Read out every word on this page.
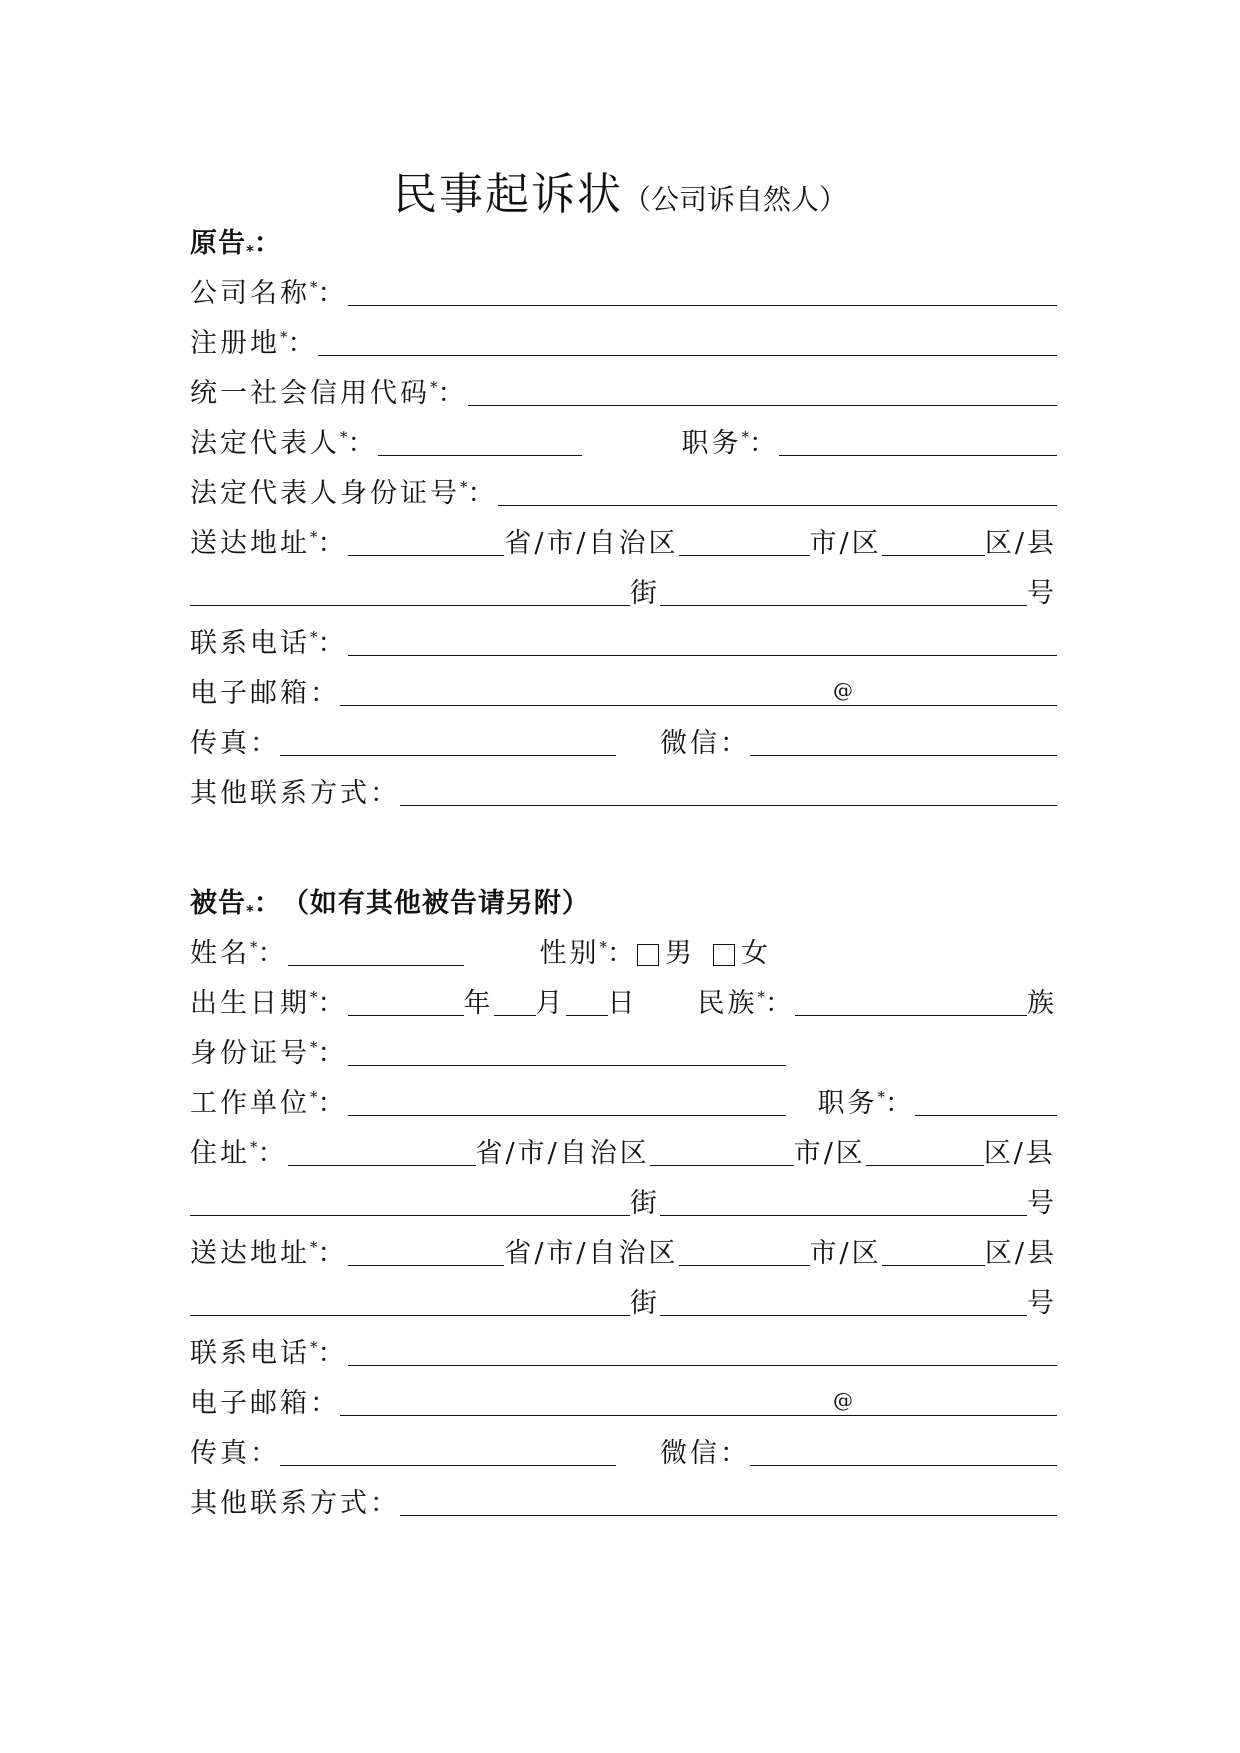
民事起诉状（公司诉自然人）
原告 * ：
公司名称*：
注册地*：
统一社会信用代码*：
法定代表人*：	职务*：
法定代表人身份证号*：
送达地址*：	省/市/自治区	市/区	区/县
街	号
联系电话*：
电子邮箱：	@
传真：	微信：
其他联系方式：
被告 * ： （如有其他被告请另附）
姓名*：	性别*： 男 女
出生日期*：	年 月 日 民族*：	族
身份证号*：
工作单位*：	职务*：
住址*：	省/市/自治区	市/区	区/县
街	号
送达地址*：	省/市/自治区	市/区	区/县
街	号
联系电话*：
电子邮箱：	@
传真：	微信：
其他联系方式：
